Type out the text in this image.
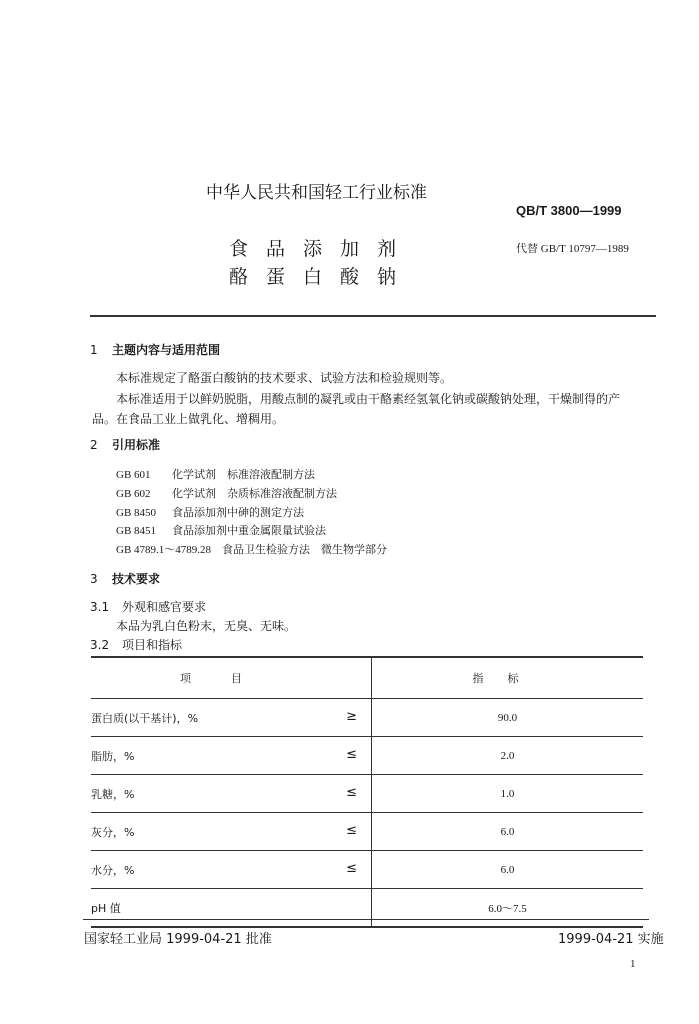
中华人民共和国轻工行业标准
QB/T 3800—1999
食品添加剂
酪蛋白酸钠
代替 GB/T 10797—1989
1 主题内容与适用范围
本标准规定了酪蛋白酸钠的技术要求、试验方法和检验规则等。
本标准适用于以鲜奶脱脂，用酸点制的凝乳或由干酪素经氢氧化钠或碳酸钠处理，干燥制得的产
品。在食品工业上做乳化、增稠用。
2 引用标准
GB 601 化学试剂　标准溶液配制方法
GB 602 化学试剂　杂质标准溶液配制方法
GB 8450 食品添加剂中砷的测定方法
GB 8451 食品添加剂中重金属限量试验法
GB 4789.1～4789.28　 食品卫生检验方法　微生物学部分
3 技术要求
3.1 外观和感官要求
本品为乳白色粉末，无臭、无味。
3.2 项目和指标
项目	指标
蛋白质(以干基计)，% ≥	90.0
脂肪，% ≤	2.0
乳糖，% ≤	1.0
灰分，% ≤	6.0
水分，% ≤	6.0
pH 值	6.0～7.5
国家轻工业局 1999-04-21 批准	1999-04-21 实施
1
